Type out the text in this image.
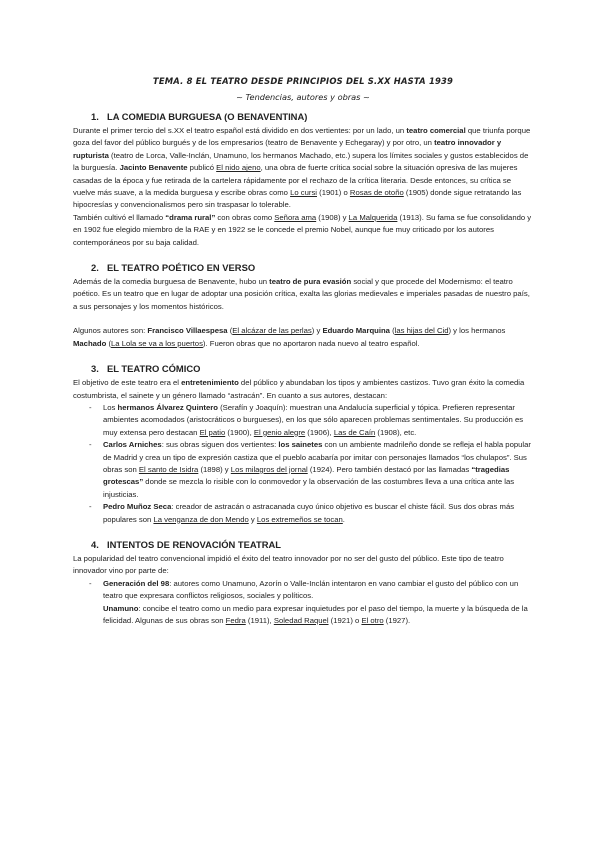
TEMA. 8 EL TEATRO DESDE PRINCIPIOS DEL S.XX HASTA 1939

~ Tendencias, autores y obras ~

1. LA COMEDIA BURGUESA (O BENAVENTINA)

Durante el primer tercio del s.XX el teatro español está dividido en dos vertientes: por un lado, un teatro comercial que triunfa porque goza del favor del público burgués y de los empresarios (teatro de Benavente y Echegaray) y por otro, un teatro innovador y rupturista (teatro de Lorca, Valle-Inclán, Unamuno, los hermanos Machado, etc.) supera los límites sociales y gustos establecidos de la burguesía. Jacinto Benavente publicó El nido ajeno, una obra de fuerte crítica social sobre la situación opresiva de las mujeres casadas de la época y fue retirada de la cartelera rápidamente por el rechazo de la crítica literaria. Desde entonces, su crítica se vuelve más suave, a la medida burguesa y escribe obras como Lo cursi (1901) o Rosas de otoño (1905) donde sigue retratando las hipocresías y convencionalismos pero sin traspasar lo tolerable.

También cultivó el llamado “drama rural” con obras como Señora ama (1908) y La Malquerida (1913). Su fama se fue consolidando y en 1902 fue elegido miembro de la RAE y en 1922 se le concede el premio Nobel, aunque fue muy criticado por los autores contemporáneos por su baja calidad.

2. EL TEATRO POÉTICO EN VERSO

Además de la comedia burguesa de Benavente, hubo un teatro de pura evasión social y que procede del Modernismo: el teatro poético. Es un teatro que en lugar de adoptar una posición crítica, exalta las glorias medievales e imperiales pasadas de nuestro país, a sus personajes y los momentos históricos.

Algunos autores son: Francisco Villaespesa (El alcázar de las perlas) y Eduardo Marquina (las hijas del Cid) y los hermanos Machado (La Lola se va a los puertos). Fueron obras que no aportaron nada nuevo al teatro español.

3. EL TEATRO CÓMICO

El objetivo de este teatro era el entretenimiento del público y abundaban los tipos y ambientes castizos. Tuvo gran éxito la comedia costumbrista, el sainete y un género llamado “astracán”. En cuanto a sus autores, destacan:

- Los hermanos Álvarez Quintero (Serafín y Joaquín): muestran una Andalucía superficial y tópica. Prefieren representar ambientes acomodados (aristocráticos o burgueses), en los que sólo aparecen problemas sentimentales. Su producción es muy extensa pero destacan El patio (1900), El genio alegre (1906), Las de Caín (1908), etc.
- Carlos Arniches: sus obras siguen dos vertientes: los sainetes con un ambiente madrileño donde se refleja el habla popular de Madrid y crea un tipo de expresión castiza que el pueblo acabaría por imitar con personajes llamados “los chulapos”. Sus obras son El santo de Isidra (1898) y Los milagros del jornal (1924). Pero también destacó por las llamadas “tragedias grotescas” donde se mezcla lo risible con lo conmovedor y la observación de las costumbres lleva a una crítica ante las injusticias.
- Pedro Muñoz Seca: creador de astracán o astracanada cuyo único objetivo es buscar el chiste fácil. Sus dos obras más populares son La venganza de don Mendo y Los extremeños se tocan.
4. INTENTOS DE RENOVACIÓN TEATRAL

La popularidad del teatro convencional impidió el éxito del teatro innovador por no ser del gusto del público. Este tipo de teatro innovador vino por parte de:

- Generación del 98: autores como Unamuno, Azorín o Valle-Inclán intentaron en vano cambiar el gusto del público con un teatro que expresara conflictos religiosos, sociales y políticos.
Unamuno: concibe el teatro como un medio para expresar inquietudes por el paso del tiempo, la muerte y la búsqueda de la felicidad. Algunas de sus obras son Fedra (1911), Soledad Raquel (1921) o El otro (1927).
